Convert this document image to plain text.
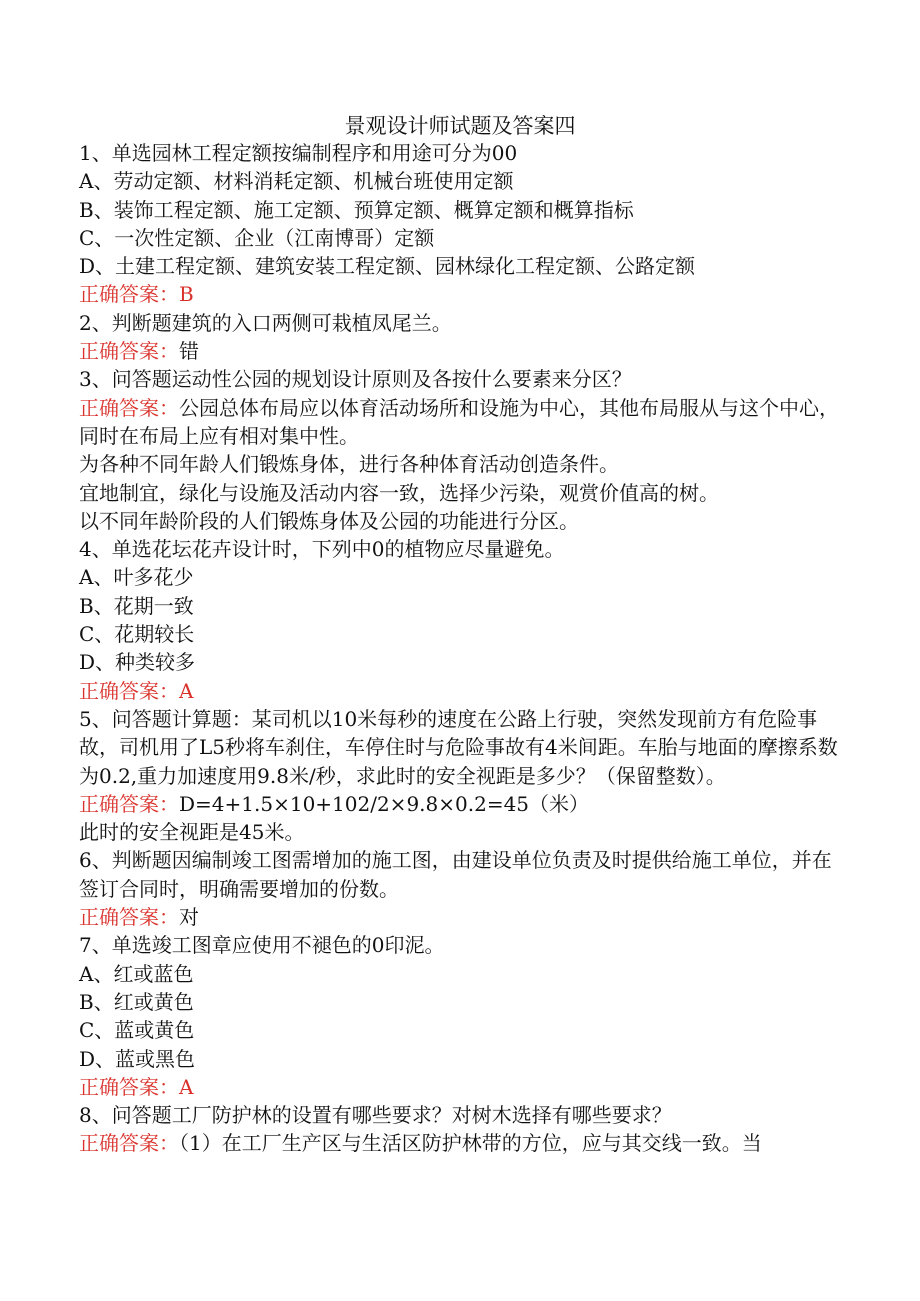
景观设计师试题及答案四

1、单选园林工程定额按编制程序和用途可分为00

A、劳动定额、材料消耗定额、机械台班使用定额

B、装饰工程定额、施工定额、预算定额、概算定额和概算指标

C、一次性定额、企业（江南博哥）定额

D、土建工程定额、建筑安装工程定额、园林绿化工程定额、公路定额

正确答案：B

2、判断题建筑的入口两侧可栽植凤尾兰。

正确答案：错

3、问答题运动性公园的规划设计原则及各按什么要素来分区？

正确答案：公园总体布局应以体育活动场所和设施为中心，其他布局服从与这个中心，同时在布局上应有相对集中性。

为各种不同年龄人们锻炼身体，进行各种体育活动创造条件。

宜地制宜，绿化与设施及活动内容一致，选择少污染，观赏价值高的树。

以不同年龄阶段的人们锻炼身体及公园的功能进行分区。

4、单选花坛花卉设计时，下列中0的植物应尽量避免。

A、叶多花少

B、花期一致

C、花期较长

D、种类较多

正确答案：A

5、问答题计算题：某司机以10米每秒的速度在公路上行驶，突然发现前方有危险事故，司机用了L5秒将车刹住，车停住时与危险事故有4米间距。车胎与地面的摩擦系数为0.2,重力加速度用9.8米/秒，求此时的安全视距是多少？（保留整数）。

正确答案：D=4+1.5×10+102/2×9.8×0.2=45（米）

此时的安全视距是45米。

6、判断题因编制竣工图需增加的施工图，由建设单位负责及时提供给施工单位，并在签订合同时，明确需要增加的份数。

正确答案：对

7、单选竣工图章应使用不褪色的0印泥。

A、红或蓝色

B、红或黄色

C、蓝或黄色

D、蓝或黑色

正确答案：A

8、问答题工厂防护林的设置有哪些要求？对树木选择有哪些要求？

正确答案：（1）在工厂生产区与生活区防护林带的方位，应与其交线一致。当
